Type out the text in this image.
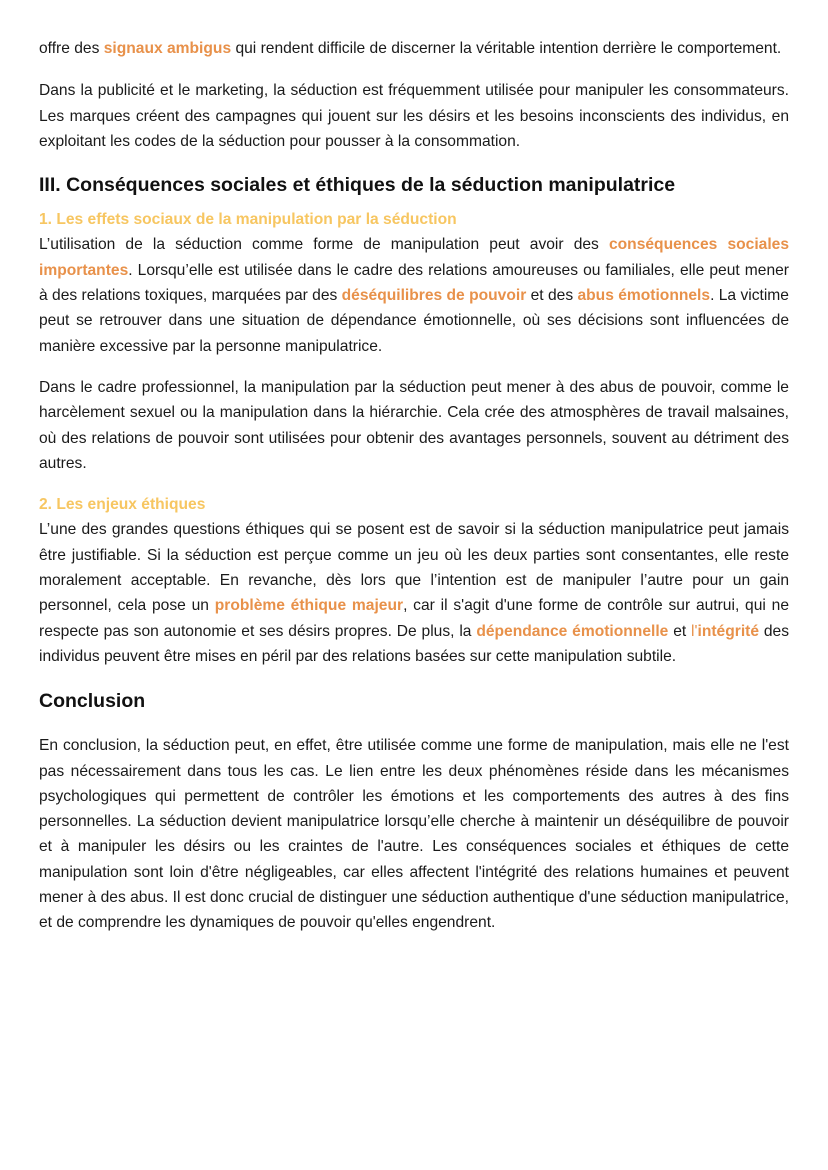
offre des signaux ambigus qui rendent difficile de discerner la véritable intention derrière le comportement.

Dans la publicité et le marketing, la séduction est fréquemment utilisée pour manipuler les consommateurs. Les marques créent des campagnes qui jouent sur les désirs et les besoins inconscients des individus, en exploitant les codes de la séduction pour pousser à la consommation.

III. Conséquences sociales et éthiques de la séduction manipulatrice
1. Les effets sociaux de la manipulation par la séduction

L’utilisation de la séduction comme forme de manipulation peut avoir des conséquences sociales importantes. Lorsqu’elle est utilisée dans le cadre des relations amoureuses ou familiales, elle peut mener à des relations toxiques, marquées par des déséquilibres de pouvoir et des abus émotionnels. La victime peut se retrouver dans une situation de dépendance émotionnelle, où ses décisions sont influencées de manière excessive par la personne manipulatrice.

Dans le cadre professionnel, la manipulation par la séduction peut mener à des abus de pouvoir, comme le harcèlement sexuel ou la manipulation dans la hiérarchie. Cela crée des atmosphères de travail malsaines, où des relations de pouvoir sont utilisées pour obtenir des avantages personnels, souvent au détriment des autres.

2. Les enjeux éthiques

L’une des grandes questions éthiques qui se posent est de savoir si la séduction manipulatrice peut jamais être justifiable. Si la séduction est perçue comme un jeu où les deux parties sont consentantes, elle reste moralement acceptable. En revanche, dès lors que l’intention est de manipuler l’autre pour un gain personnel, cela pose un problème éthique majeur, car il s'agit d'une forme de contrôle sur autrui, qui ne respecte pas son autonomie et ses désirs propres. De plus, la dépendance émotionnelle et l'intégrité des individus peuvent être mises en péril par des relations basées sur cette manipulation subtile.

Conclusion

En conclusion, la séduction peut, en effet, être utilisée comme une forme de manipulation, mais elle ne l'est pas nécessairement dans tous les cas. Le lien entre les deux phénomènes réside dans les mécanismes psychologiques qui permettent de contrôler les émotions et les comportements des autres à des fins personnelles. La séduction devient manipulatrice lorsqu’elle cherche à maintenir un déséquilibre de pouvoir et à manipuler les désirs ou les craintes de l'autre. Les conséquences sociales et éthiques de cette manipulation sont loin d'être négligeables, car elles affectent l'intégrité des relations humaines et peuvent mener à des abus. Il est donc crucial de distinguer une séduction authentique d'une séduction manipulatrice, et de comprendre les dynamiques de pouvoir qu'elles engendrent.
